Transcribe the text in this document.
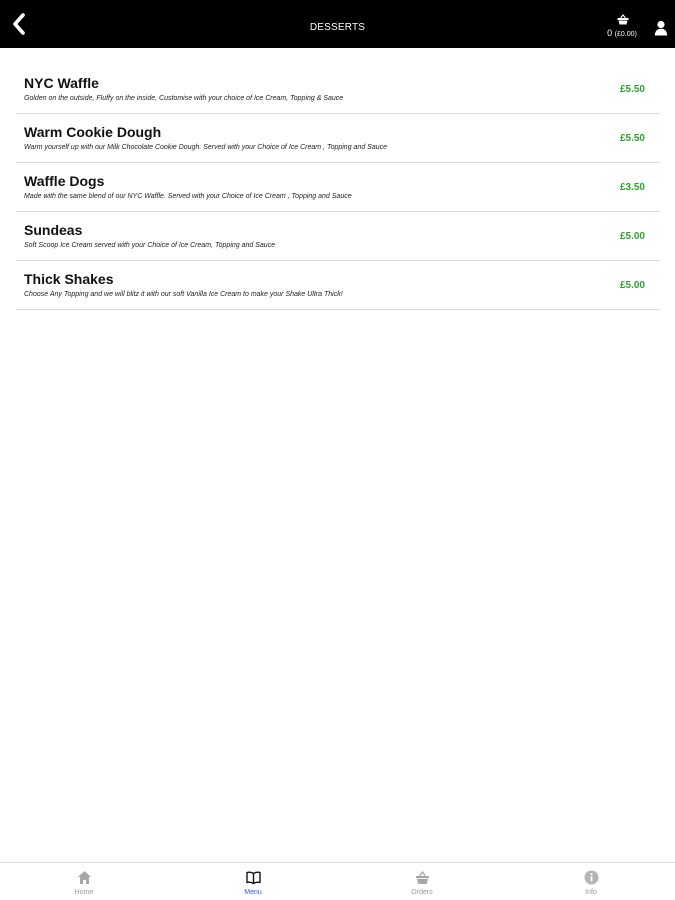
DESSERTS	0 (£0.00)
NYC Waffle
Golden on the outside, Fluffy on the inside, Customise with your choice of Ice Cream, Topping & Sauce
£5.50
Warm Cookie Dough
Warm yourself up with our Milk Chocolate Cookie Dough. Served with your Choice of Ice Cream , Topping and Sauce
£5.50
Waffle Dogs
Made with the same blend of our NYC Waffle. Served with your Choice of Ice Cream , Topping and Sauce
£3.50
Sundeas
Soft Scoop Ice Cream served with your Choice of Ice Cream, Topping and Sauce
£5.00
Thick Shakes
Choose Any Topping and we will blitz it with our soft Vanilla Ice Cream to make your Shake Ultra Thick!
£5.00
Home	Menu	Orders	Info
